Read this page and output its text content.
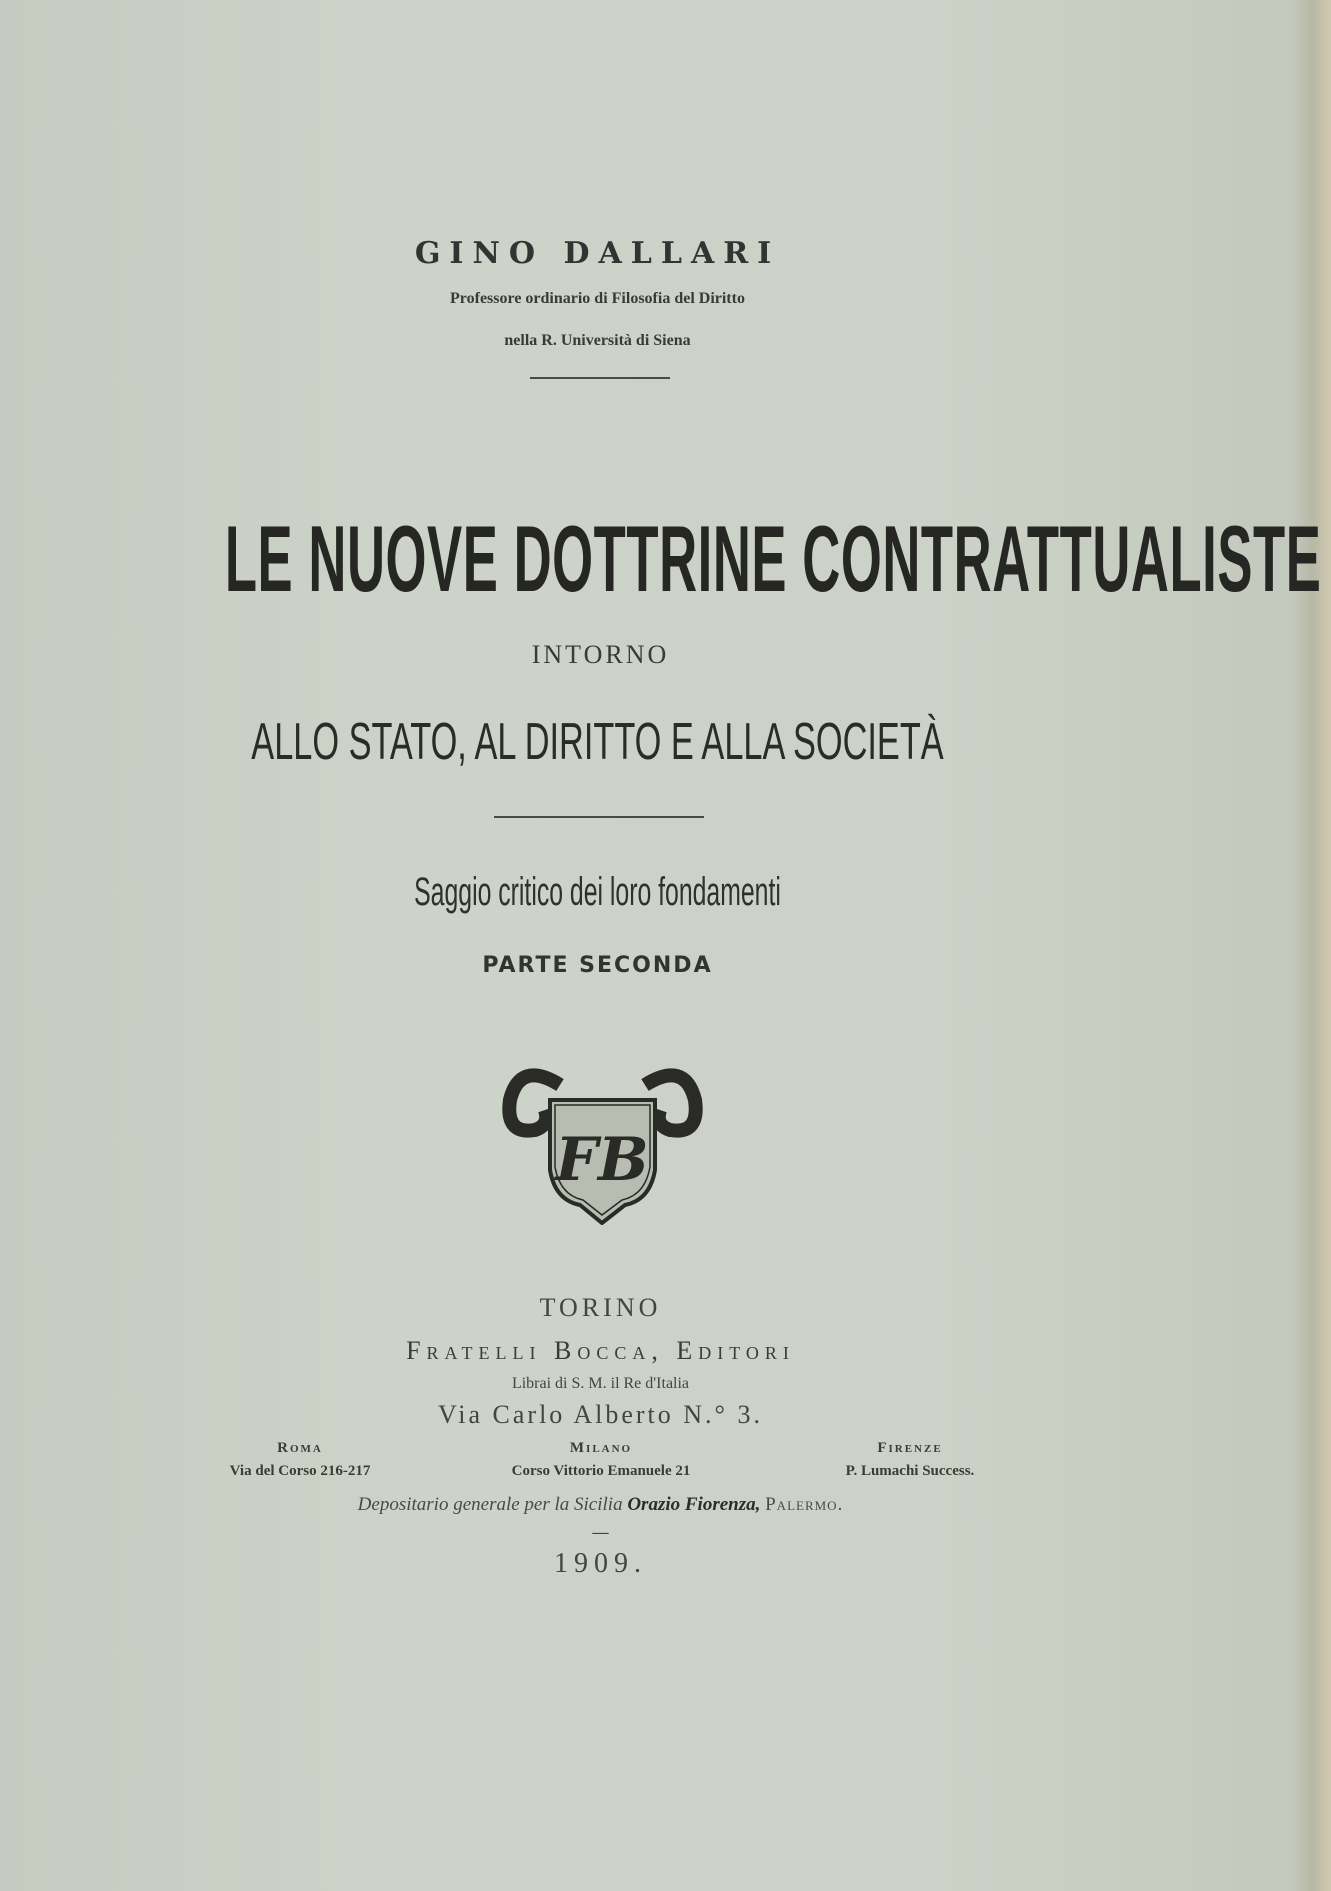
GINO DALLARI
Professore ordinario di Filosofia del Diritto
nella R. Università di Siena
LE NUOVE DOTTRINE CONTRATTUALISTE
INTORNO
ALLO STATO, AL DIRITTO E ALLA SOCIETÀ
Saggio critico dei loro fondamenti
PARTE SECONDA
FB
TORINO
Fratelli Bocca, Editori
Librai di S. M. il Re d'Italia
Via Carlo Alberto N.° 3.
Roma
Via del Corso 216-217
Milano
Corso Vittorio Emanuele 21
Firenze
P. Lumachi Success.
Depositario generale per la Sicilia Orazio Fiorenza, Palermo.
—
1909.
